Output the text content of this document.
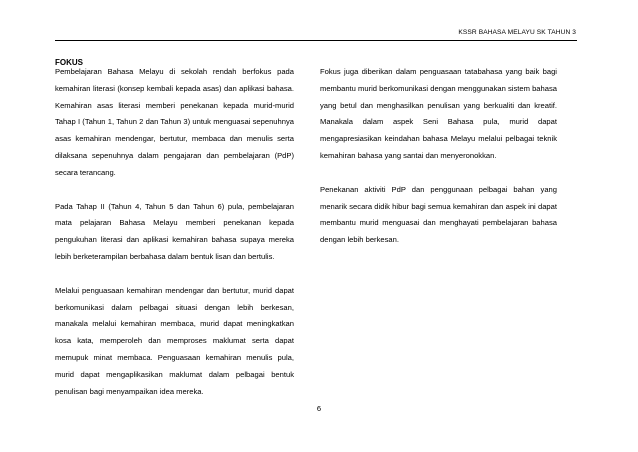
KSSR BAHASA MELAYU SK TAHUN 3
FOKUS

Pembelajaran Bahasa Melayu di sekolah rendah berfokus pada kemahiran literasi (konsep kembali kepada asas) dan aplikasi bahasa. Kemahiran asas literasi memberi penekanan kepada murid-murid Tahap I (Tahun 1, Tahun 2 dan Tahun 3) untuk menguasai sepenuhnya asas kemahiran mendengar, bertutur, membaca dan menulis serta dilaksana sepenuhnya dalam pengajaran dan pembelajaran (PdP) secara terancang.

Pada Tahap II (Tahun 4, Tahun 5 dan Tahun 6) pula, pembelajaran mata pelajaran Bahasa Melayu memberi penekanan kepada pengukuhan literasi dan aplikasi kemahiran bahasa supaya mereka lebih berketerampilan berbahasa dalam bentuk lisan dan bertulis.

Melalui penguasaan kemahiran mendengar dan bertutur, murid dapat berkomunikasi dalam pelbagai situasi dengan lebih berkesan, manakala melalui kemahiran membaca, murid dapat meningkatkan kosa kata, memperoleh dan memproses maklumat serta dapat memupuk minat membaca. Penguasaan kemahiran menulis pula, murid dapat mengaplikasikan maklumat dalam pelbagai bentuk penulisan bagi menyampaikan idea mereka.

Fokus juga diberikan dalam penguasaan tatabahasa yang baik bagi membantu murid berkomunikasi dengan menggunakan sistem bahasa yang betul dan menghasilkan penulisan yang berkualiti dan kreatif. Manakala dalam aspek Seni Bahasa pula, murid dapat mengapresiasikan keindahan bahasa Melayu melalui pelbagai teknik kemahiran bahasa yang santai dan menyeronokkan.

Penekanan aktiviti PdP dan penggunaan pelbagai bahan yang menarik secara didik hibur bagi semua kemahiran dan aspek ini dapat membantu murid menguasai dan menghayati pembelajaran bahasa dengan lebih berkesan.

6
